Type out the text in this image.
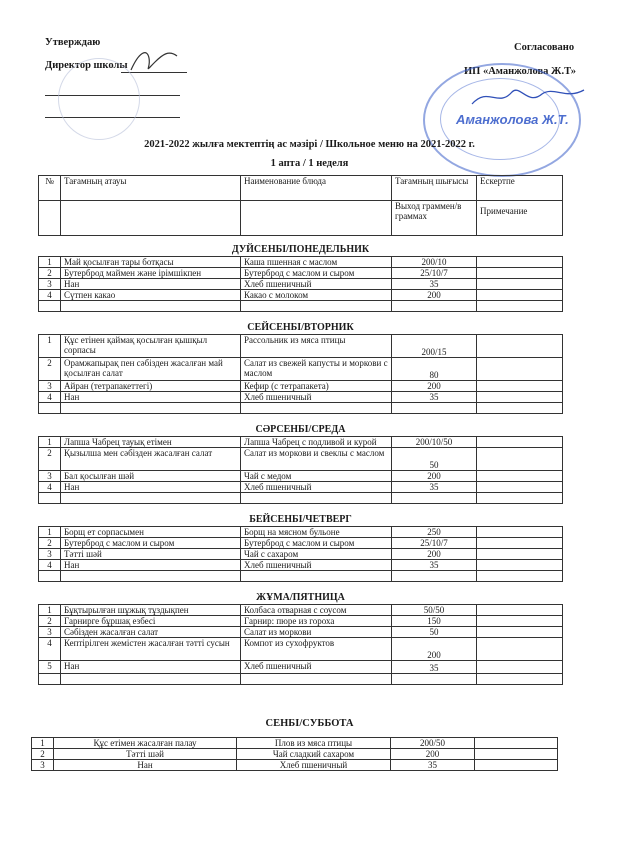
Утверждаю	Согласовано
Директор школы
ИП «Аманжолова Ж.Т»
Аманжолова Ж.Т.
2021-2022 жылға мектептің ас мәзірі / Школьное меню на 2021-2022 г.
1 апта / 1 неделя
№	Тағамның атауы	Наименование блюда	Тағамның шығысы	Ескертпе
			Выход граммен/в граммах	Примечание
ДУЙСЕНБІ/ПОНЕДЕЛЬНИК				
1	Май қосылған тары ботқасы	Каша пшенная с маслом	200/10	
2	Бутерброд маймен және ірімшікпен	Бутерброд с маслом и сыром	25/10/7	
3	Нан	Хлеб пшеничный	35	
4	Сүтпен какао	Какао с молоком	200	

СЕЙСЕНБІ/ВТОРНИК				
1	Құс етінен қаймақ қосылған қышқыл сорпасы	Рассольник из мяса птицы	200/15	
2	Орамжапырақ пен сәбізден жасалған май қосылған салат	Салат из свежей капусты и моркови с маслом	80	
3	Айран (тетрапакеттегі)	Кефир (с тетрапакета)	200	
4	Нан	Хлеб пшеничный	35	

СӘРСЕНБІ/СРЕДА				
1	Лапша Чабрец тауық етімен	Лапша Чабрец с подливой и курой	200/10/50	
2	Қызылша мен сәбізден жасалған салат	Салат из моркови и свеклы с маслом	50	
3	Бал қосылған шәй	Чай с медом	200	
4	Нан	Хлеб пшеничный	35	

БЕЙСЕНБІ/ЧЕТВЕРГ				
1	Борщ ет сорпасымен	Борщ на мясном бульоне	250	
2	Бутерброд с маслом и сыром	Бутерброд с маслом и сыром	25/10/7	
3	Тәтті шәй	Чай с сахаром	200	
4	Нан	Хлеб пшеничный	35	

ЖҰМА/ПЯТНИЦА				
1	Бұқтырылған шұжық тұздықпен	Колбаса отварная с соусом	50/50	
2	Гарнирге бұршақ езбесі	Гарнир: пюре из гороха	150	
3	Сәбізден жасалған салат	Салат из моркови	50	
4	Кептірілген жемістен жасалған тәтті сусын	Компот из сухофруктов	200	
5	Нан	Хлеб пшеничный	35	

СЕНБІ/СУББОТА
1	Құс етімен жасалған палау	Плов из мяса птицы	200/50	
2	Тәтті шәй	Чай сладкий сахаром	200	
3	Нан	Хлеб пшеничный	35	
